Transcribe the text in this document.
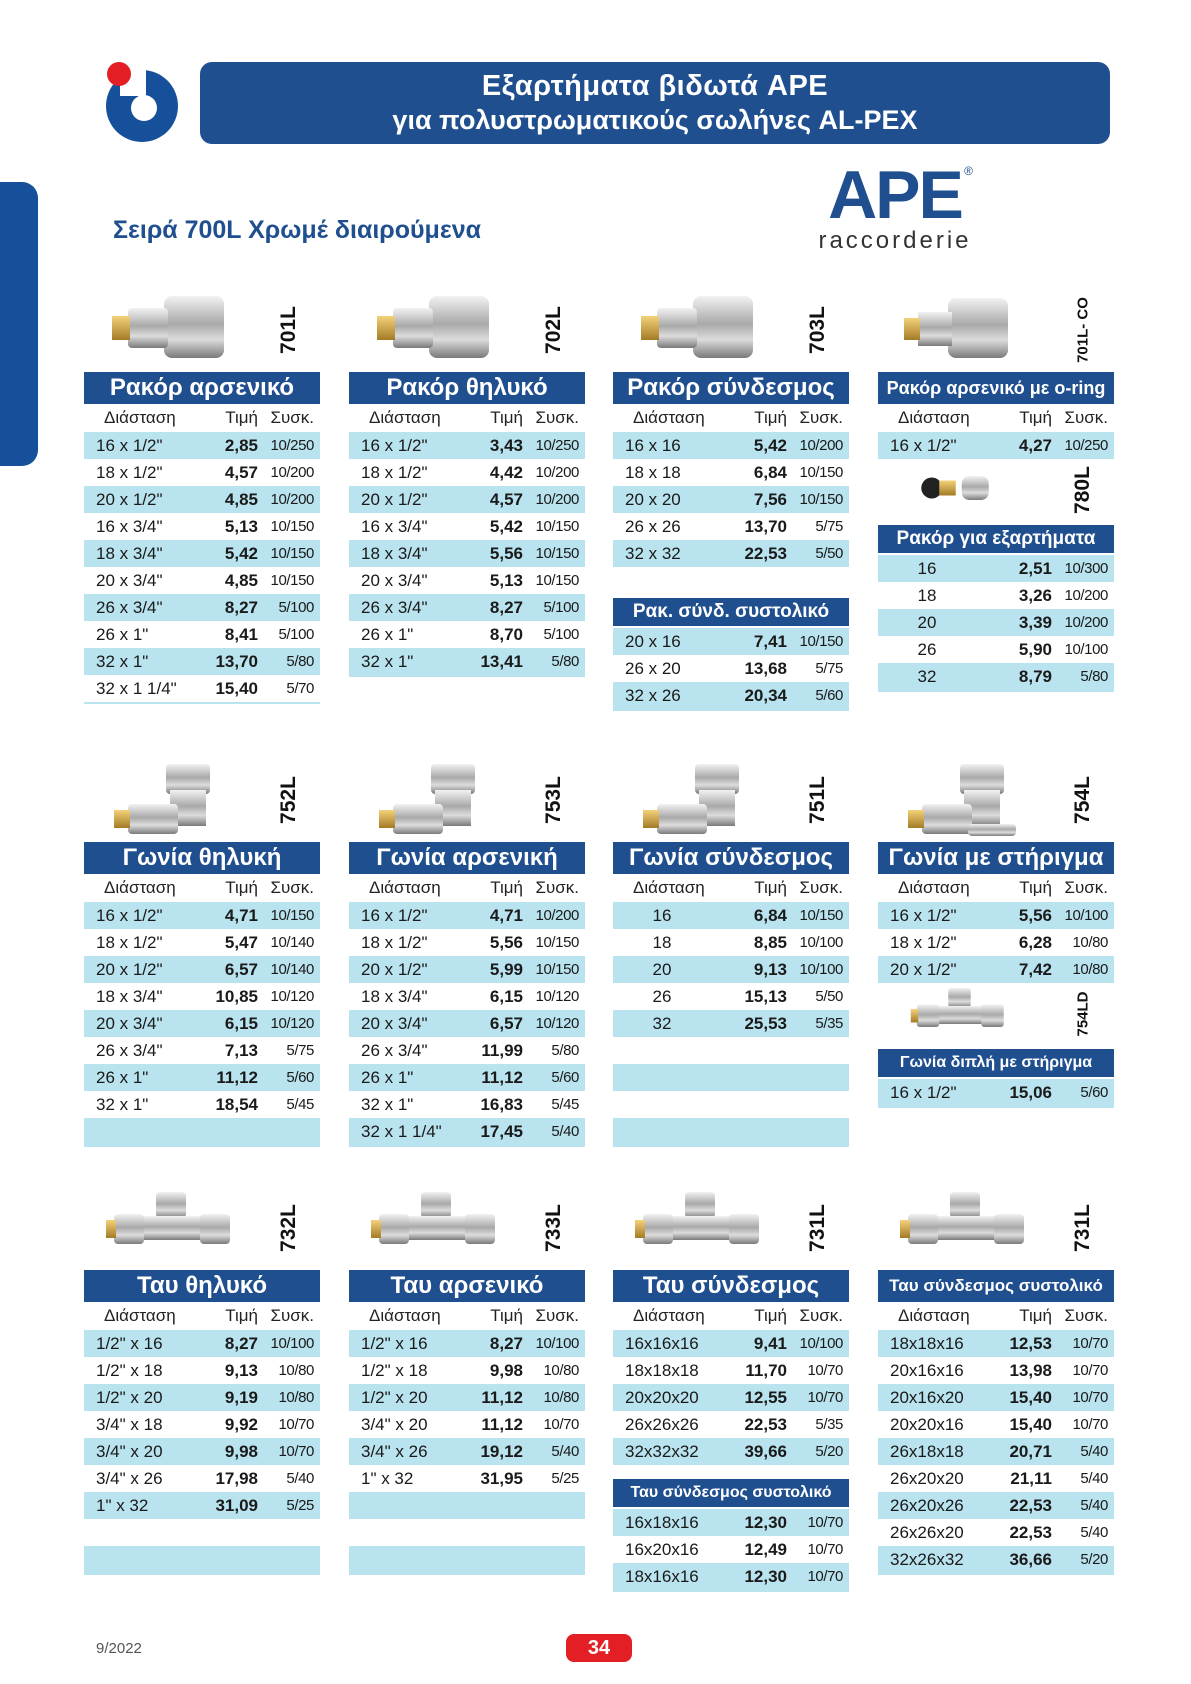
Εξαρτήματα βιδωτά APE
για πολυστρωματικούς σωλήνες AL-PEX
Σειρά 700L Χρωμέ διαιρούμενα	APE
raccorderie
®
701L
Ρακόρ αρσενικό
Διάσταση	Τιμή Συσκ.
16 x 1/2"	2,85 10/250
18 x 1/2"	4,57 10/200
20 x 1/2"	4,85 10/200
16 x 3/4"	5,13 10/150
18 x 3/4"	5,42 10/150
20 x 3/4"	4,85 10/150
26 x 3/4"	8,27	5/100
26 x 1"	8,41	5/100
32 x 1"	13,70	5/80
32 x 1 1/4"	15,40	5/70
702L
Ρακόρ θηλυκό
Διάσταση	Τιμή Συσκ.
16 x 1/2"	3,43 10/250
18 x 1/2"	4,42 10/200
20 x 1/2"	4,57 10/200
16 x 3/4"	5,42 10/150
18 x 3/4"	5,56 10/150
20 x 3/4"	5,13 10/150
26 x 3/4"	8,27	5/100
26 x 1"	8,70	5/100
32 x 1"	13,41	5/80
703L
Ρακόρ σύνδεσμος
Διάσταση	Τιμή Συσκ.
16 x 16	5,42 10/200
18 x 18	6,84 10/150
20 x 20	7,56 10/150
26 x 26	13,70	5/75
32 x 32	22,53	5/50
Ρακ. σύνδ. συστολικό
20 x 16	7,41 10/150
26 x 20	13,68	5/75
32 x 26	20,34	5/60
701L- CO
Ρακόρ αρσενικό με o-ring
Διάσταση	Τιμή Συσκ.
16 x 1/2"	4,27 10/250
780L
Ρακόρ για εξαρτήματα
16	2,51 10/300
18	3,26 10/200
20	3,39 10/200
26	5,90 10/100
32	8,79	5/80
752L
Γωνία θηλυκή
Διάσταση	Τιμή Συσκ.
16 x 1/2"	4,71 10/150
18 x 1/2"	5,47 10/140
20 x 1/2"	6,57 10/140
18 x 3/4"	10,85 10/120
20 x 3/4"	6,15 10/120
26 x 3/4"	7,13	5/75
26 x 1"	11,12	5/60
32 x 1"	18,54	5/45
753L
Γωνία αρσενική
Διάσταση	Τιμή Συσκ.
16 x 1/2"	4,71 10/200
18 x 1/2"	5,56 10/150
20 x 1/2"	5,99 10/150
18 x 3/4"	6,15 10/120
20 x 3/4"	6,57 10/120
26 x 3/4"	11,99	5/80
26 x 1"	11,12	5/60
32 x 1"	16,83	5/45
32 x 1 1/4"	17,45	5/40
751L
Γωνία σύνδεσμος
Διάσταση	Τιμή Συσκ.
16	6,84 10/150
18	8,85 10/100
20	9,13 10/100
26	15,13	5/50
32	25,53	5/35
754L
Γωνία με στήριγμα
Διάσταση	Τιμή Συσκ.
16 x 1/2"	5,56 10/100
18 x 1/2"	6,28	10/80
20 x 1/2"	7,42	10/80
754LD
Γωνία διπλή με στήριγμα
16 x 1/2"	15,06	5/60
732L
Ταυ θηλυκό
Διάσταση	Τιμή Συσκ.
1/2" x 16	8,27 10/100
1/2" x 18	9,13	10/80
1/2" x 20	9,19	10/80
3/4" x 18	9,92	10/70
3/4" x 20	9,98	10/70
3/4" x 26	17,98	5/40
1" x 32	31,09	5/25
733L
Ταυ αρσενικό
Διάσταση	Τιμή Συσκ.
1/2" x 16	8,27 10/100
1/2" x 18	9,98	10/80
1/2" x 20	11,12	10/80
3/4" x 20	11,12	10/70
3/4" x 26	19,12	5/40
1" x 32	31,95	5/25
731L
Ταυ σύνδεσμος
Διάσταση	Τιμή Συσκ.
16x16x16	9,41 10/100
18x18x18	11,70	10/70
20x20x20	12,55	10/70
26x26x26	22,53	5/35
32x32x32	39,66	5/20
Ταυ σύνδεσμος συστολικό
16x18x16	12,30	10/70
16x20x16	12,49	10/70
18x16x16	12,30	10/70
731L
Ταυ σύνδεσμος συστολικό
Διάσταση	Τιμή Συσκ.
18x18x16	12,53	10/70
20x16x16	13,98	10/70
20x16x20	15,40	10/70
20x20x16	15,40	10/70
26x18x18	20,71	5/40
26x20x20	21,11	5/40
26x20x26	22,53	5/40
26x26x20	22,53	5/40
32x26x32	36,66	5/20
9/2022	34
